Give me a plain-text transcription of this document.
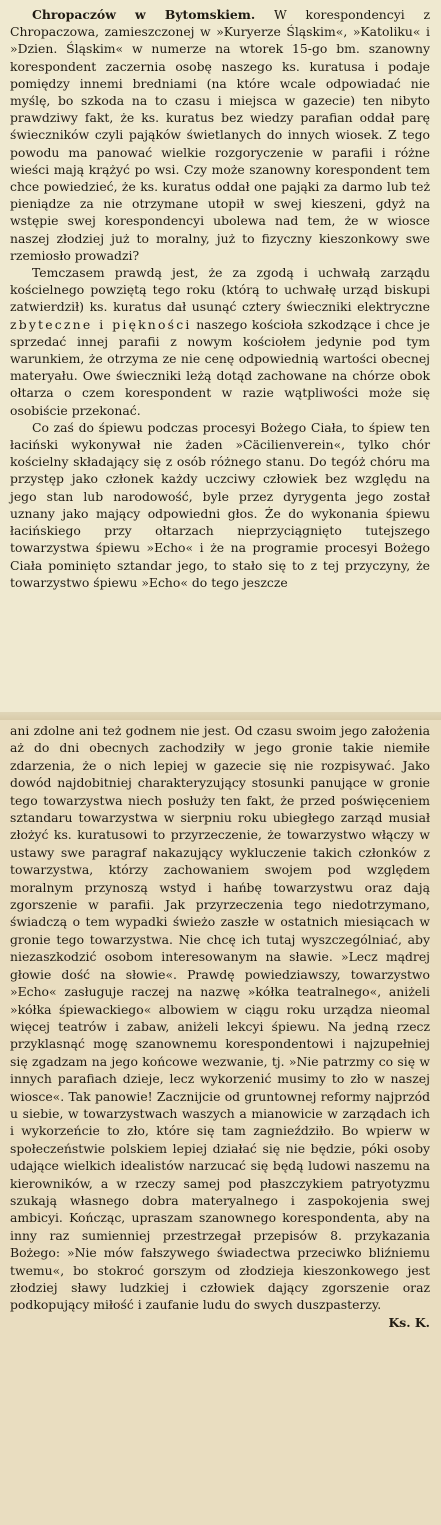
Chropaczów w Bytomskiem. W korespondencyi z Chropaczowa, zamieszczonej w »Kuryerze Śląskim«, »Katoliku« i »Dzien. Śląskim« w numerze na wtorek 15-go bm. szanowny korespondent zaczernia osobę naszego ks. kuratusa i podaje pomiędzy innemi bredniami (na które wcale odpowiadać nie myślę, bo szkoda na to czasu i miejsca w gazecie) ten nibyto prawdziwy fakt, że ks. kuratus bez wiedzy parafian oddał parę świeczników czyli pająków świetlanych do innych wiosek. Z tego powodu ma panować wielkie rozgoryczenie w parafii i różne wieści mają krążyć po wsi. Czy może szanowny korespondent tem chce powiedzieć, że ks. kuratus oddał one pająki za darmo lub też pieniądze za nie otrzymane utopił w swej kieszeni, gdyż na wstępie swej korespondencyi ubolewa nad tem, że w wiosce naszej złodziej już to moralny, już to fizyczny kieszonkowy swe rzemiosło prowadzi?

Temczasem prawdą jest, że za zgodą i uchwałą zarządu kościelnego powziętą tego roku (którą to uchwałę urząd biskupi zatwierdził) ks. kuratus dał usunąć cztery świeczniki elektryczne zbyteczne i piękności naszego kościoła szkodzące i chce je sprzedać innej parafii z nowym kościołem jedynie pod tym warunkiem, że otrzyma ze nie cenę odpowiednią wartości obecnej materyału. Owe świeczniki leżą dotąd zachowane na chórze obok ołtarza o czem korespondent w razie wątpliwości może się osobiście przekonać.

Co zaś do śpiewu podczas procesyi Bożego Ciała, to śpiew ten łaciński wykonywał nie żaden »Cäcilienverein«, tylko chór kościelny składający się z osób różnego stanu. Do tegóż chóru ma przystęp jako członek każdy uczciwy człowiek bez względu na jego stan lub narodowość, byle przez dyrygenta jego został uznany jako mający odpowiedni głos. Że do wykonania śpiewu łacińskiego przy ołtarzach nieprzyciągnięto tutejszego towarzystwa śpiewu »Echo« i że na programie procesyi Bożego Ciała pominięto sztandar jego, to stało się to z tej przyczyny, że towarzystwo śpiewu »Echo« do tego jeszcze

ani zdolne ani też godnem nie jest. Od czasu swoim jego założenia aż do dni obecnych zachodziły w jego gronie takie niemiłe zdarzenia, że o nich lepiej w gazecie się nie rozpisywać. Jako dowód najdobitniej charakteryzujący stosunki panujące w gronie tego towarzystwa niech posłuży ten fakt, że przed poświęceniem sztandaru towarzystwa w sierpniu roku ubiegłego zarząd musiał złożyć ks. kuratusowi to przyrzeczenie, że towarzystwo włączy w ustawy swe paragraf nakazujący wykluczenie takich członków z towarzystwa, którzy zachowaniem swojem pod względem moralnym przynoszą wstyd i hańbę towarzystwu oraz dają zgorszenie w parafii. Jak przyrzeczenia tego niedotrzymano, świadczą o tem wypadki świeżo zaszłe w ostatnich miesiącach w gronie tego towarzystwa. Nie chcę ich tutaj wyszczególniać, aby niezaszkodzić osobom interesowanym na sławie. »Lecz mądrej głowie dość na słowie«. Prawdę powiedziawszy, towarzystwo »Echo« zasługuje raczej na nazwę »kółka teatralnego«, aniżeli »kółka śpiewackiego« albowiem w ciągu roku urządza nieomal więcej teatrów i zabaw, aniżeli lekcyi śpiewu. Na jedną rzecz przyklasnąć mogę szanownemu korespondentowi i najzupełniej się zgadzam na jego końcowe wezwanie, tj. »Nie patrzmy co się w innych parafiach dzieje, lecz wykorzenić musimy to zło w naszej wiosce«. Tak panowie! Zacznijcie od gruntownej reformy najprzód u siebie, w towarzystwach waszych a mianowicie w zarządach ich i wykorzeńcie to zło, które się tam zagnieździło. Bo wpierw w społeczeństwie polskiem lepiej działać się nie będzie, póki osoby udające wielkich idealistów narzucać się będą ludowi naszemu na kierowników, a w rzeczy samej pod płaszczykiem patryotyzmu szukają własnego dobra materyalnego i zaspokojenia swej ambicyi. Kończąc, upraszam szanownego korespondenta, aby na inny raz sumienniej przestrzegał przepisów 8. przykazania Bożego: »Nie mów fałszywego świadectwa przeciwko bliźniemu twemu«, bo stokroć gorszym od złodzieja kieszonkowego jest złodziej sławy ludzkiej i człowiek dający zgorszenie oraz podkopujący miłość i zaufanie ludu do swych duszpasterzy.
Ks. K.
